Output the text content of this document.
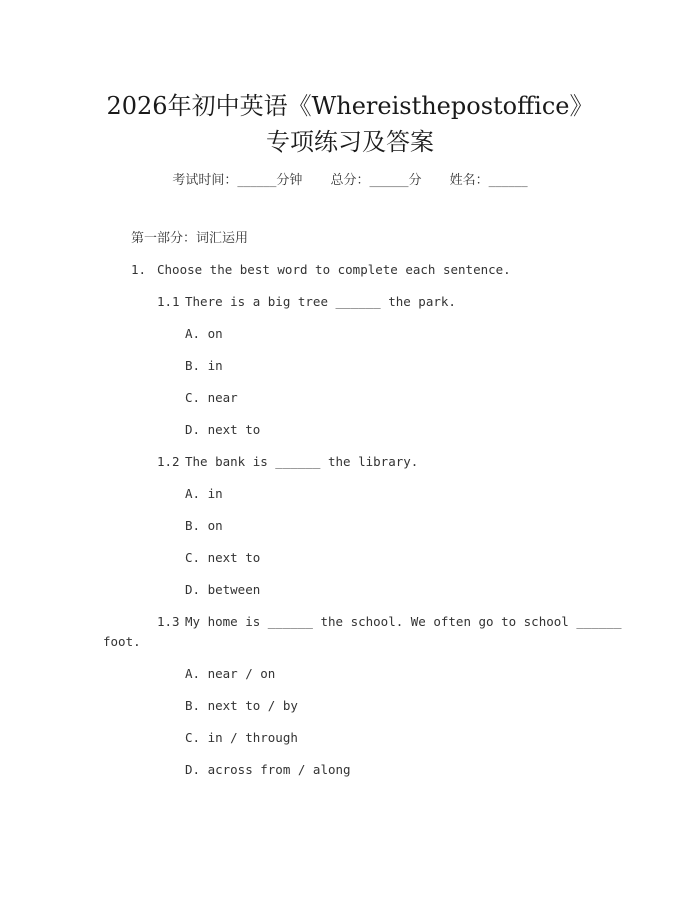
2026年初中英语《Whereisthepostoffice》
专项练习及答案
考试时间：______分钟 总分：______分 姓名：______
第一部分：词汇运用
1. Choose the best word to complete each sentence.
1.1 There is a big tree ______ the park.
A. on
B. in
C. near
D. next to
1.2 The bank is ______ the library.
A. in
B. on
C. next to
D. between
1.3 My home is ______ the school. We often go to school ______
foot.
A. near / on
B. next to / by
C. in / through
D. across from / along
